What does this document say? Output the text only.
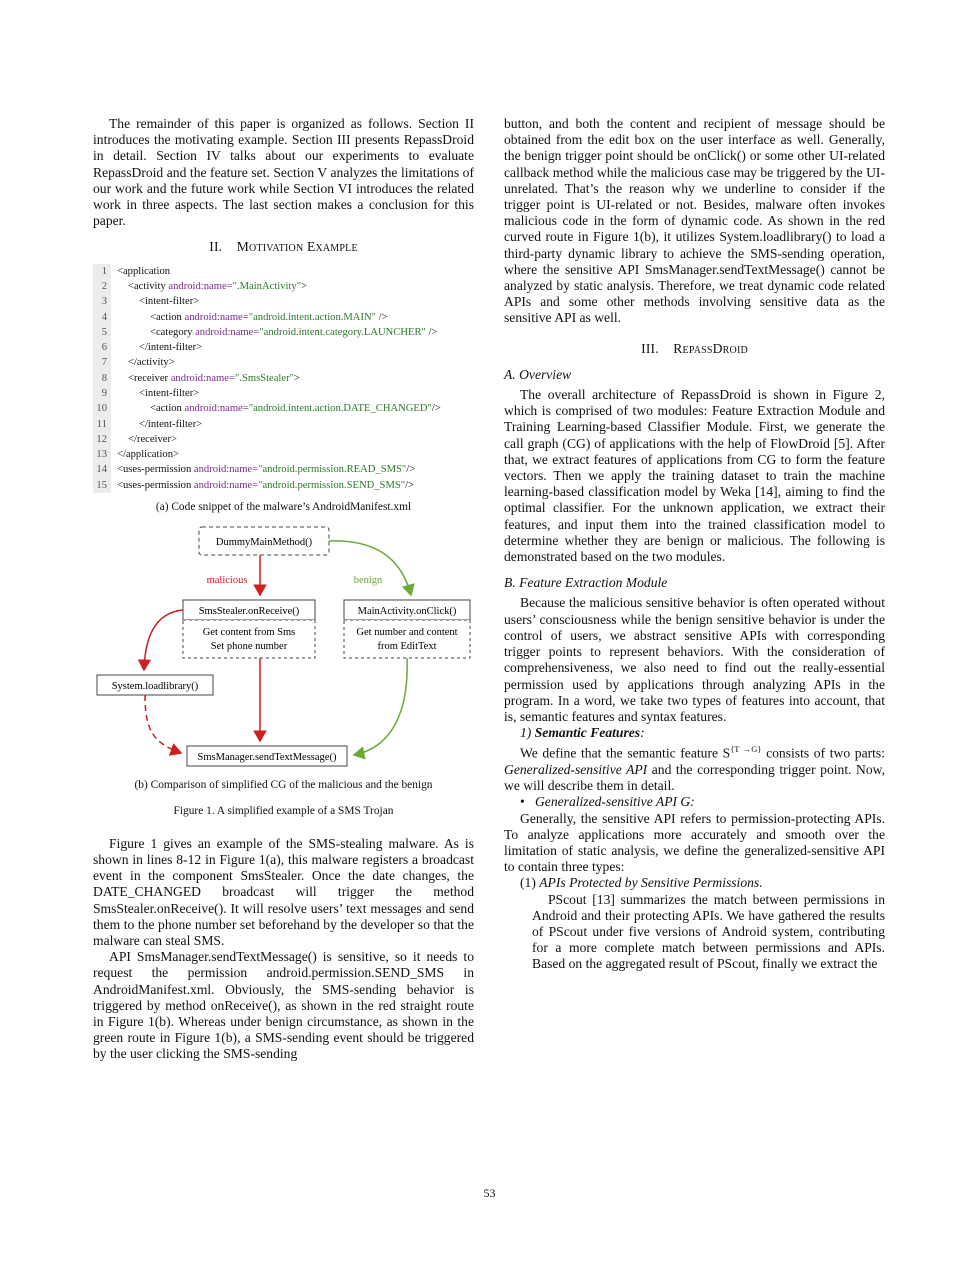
The remainder of this paper is organized as follows. Section II introduces the motivating example. Section III presents RepassDroid in detail. Section IV talks about our experiments to evaluate RepassDroid and the feature set. Section V analyzes the limitations of our work and the future work while Section VI introduces the related work in three aspects. The last section makes a conclusion for this paper.

II. Motivation Example
1 <application
2	<activity android:name=".MainActivity">
3	<intent-filter>
4	<action android:name="android.intent.action.MAIN" />
5	<category android:name="android.intent.category.LAUNCHER" />
6	</intent-filter>
7	</activity>
8	<receiver android:name=".SmsStealer">
9	<intent-filter>
10	<action android:name="android.intent.action.DATE_CHANGED"/>
11	</intent-filter>
12	</receiver>
13 </application>
14 <uses-permission android:name="android.permission.READ_SMS"/>
15 <uses-permission android:name="android.permission.SEND_SMS"/>
(a) Code snippet of the malware’s AndroidManifest.xml
DummyMainMethod()
malicious	benign
SmsStealer.onReceive()
Get content from Sms
Set phone number
MainActivity.onClick()
Get number and content
from EditText
System.loadlibrary()
SmsManager.sendTextMessage()
(b) Comparison of simplified CG of the malicious and the benign
Figure 1. A simplified example of a SMS Trojan

Figure 1 gives an example of the SMS-stealing malware. As is shown in lines 8-12 in Figure 1(a), this malware registers a broadcast event in the component SmsStealer. Once the date changes, the DATE_CHANGED broadcast will trigger the method SmsStealer.onReceive(). It will resolve users’ text messages and send them to the phone number set beforehand by the developer so that the malware can steal SMS.

API SmsManager.sendTextMessage() is sensitive, so it needs to request the permission android.permission.SEND_SMS in AndroidManifest.xml. Obviously, the SMS-sending behavior is triggered by method onReceive(), as shown in the red straight route in Figure 1(b). Whereas under benign circumstance, as shown in the green route in Figure 1(b), a SMS-sending event should be triggered by the user clicking the SMS-sending

button, and both the content and recipient of message should be obtained from the edit box on the user interface as well. Generally, the benign trigger point should be onClick() or some other UI-related callback method while the malicious case may be triggered by the UI-unrelated. That’s the reason why we underline to consider if the trigger point is UI-related or not. Besides, malware often invokes malicious code in the form of dynamic code. As shown in the red curved route in Figure 1(b), it utilizes System.loadlibrary() to load a third-party dynamic library to achieve the SMS-sending operation, where the sensitive API SmsManager.sendTextMessage() cannot be analyzed by static analysis. Therefore, we treat dynamic code related APIs and some other methods involving sensitive data as the sensitive API as well.

III. RepassDroid
A. Overview

The overall architecture of RepassDroid is shown in Figure 2, which is comprised of two modules: Feature Extraction Module and Training Learning-based Classifier Module. First, we generate the call graph (CG) of applications with the help of FlowDroid [5]. After that, we extract features of applications from CG to form the feature vectors. Then we apply the training dataset to train the machine learning-based classification model by Weka [14], aiming to find the optimal classifier. For the unknown application, we extract their features, and input them into the trained classification model to determine whether they are benign or malicious. The following is demonstrated based on the two modules.

B. Feature Extraction Module

Because the malicious sensitive behavior is often operated without users’ consciousness while the benign sensitive behavior is under the control of users, we abstract sensitive APIs with corresponding trigger points to represent behaviors. With the consideration of comprehensiveness, we also need to find out the really-essential permission used by applications through analyzing APIs in the program. In a word, we take two types of features into account, that is, semantic features and syntax features.

1) Semantic Features:

We define that the semantic feature $S^{\{T \to G\}}$ consists of two parts: Generalized-sensitive API and the corresponding trigger point. Now, we will describe them in detail.

•   Generalized-sensitive API G:

Generally, the sensitive API refers to permission-protecting APIs. To analyze applications more accurately and smooth over the limitation of static analysis, we define the generalized-sensitive API to contain three types:

(1) APIs Protected by Sensitive Permissions.

PScout [13] summarizes the match between permissions in Android and their protecting APIs. We have gathered the results of PScout under five versions of Android system, contributing for a more complete match between permissions and APIs. Based on the aggregated result of PScout, finally we extract the

53
